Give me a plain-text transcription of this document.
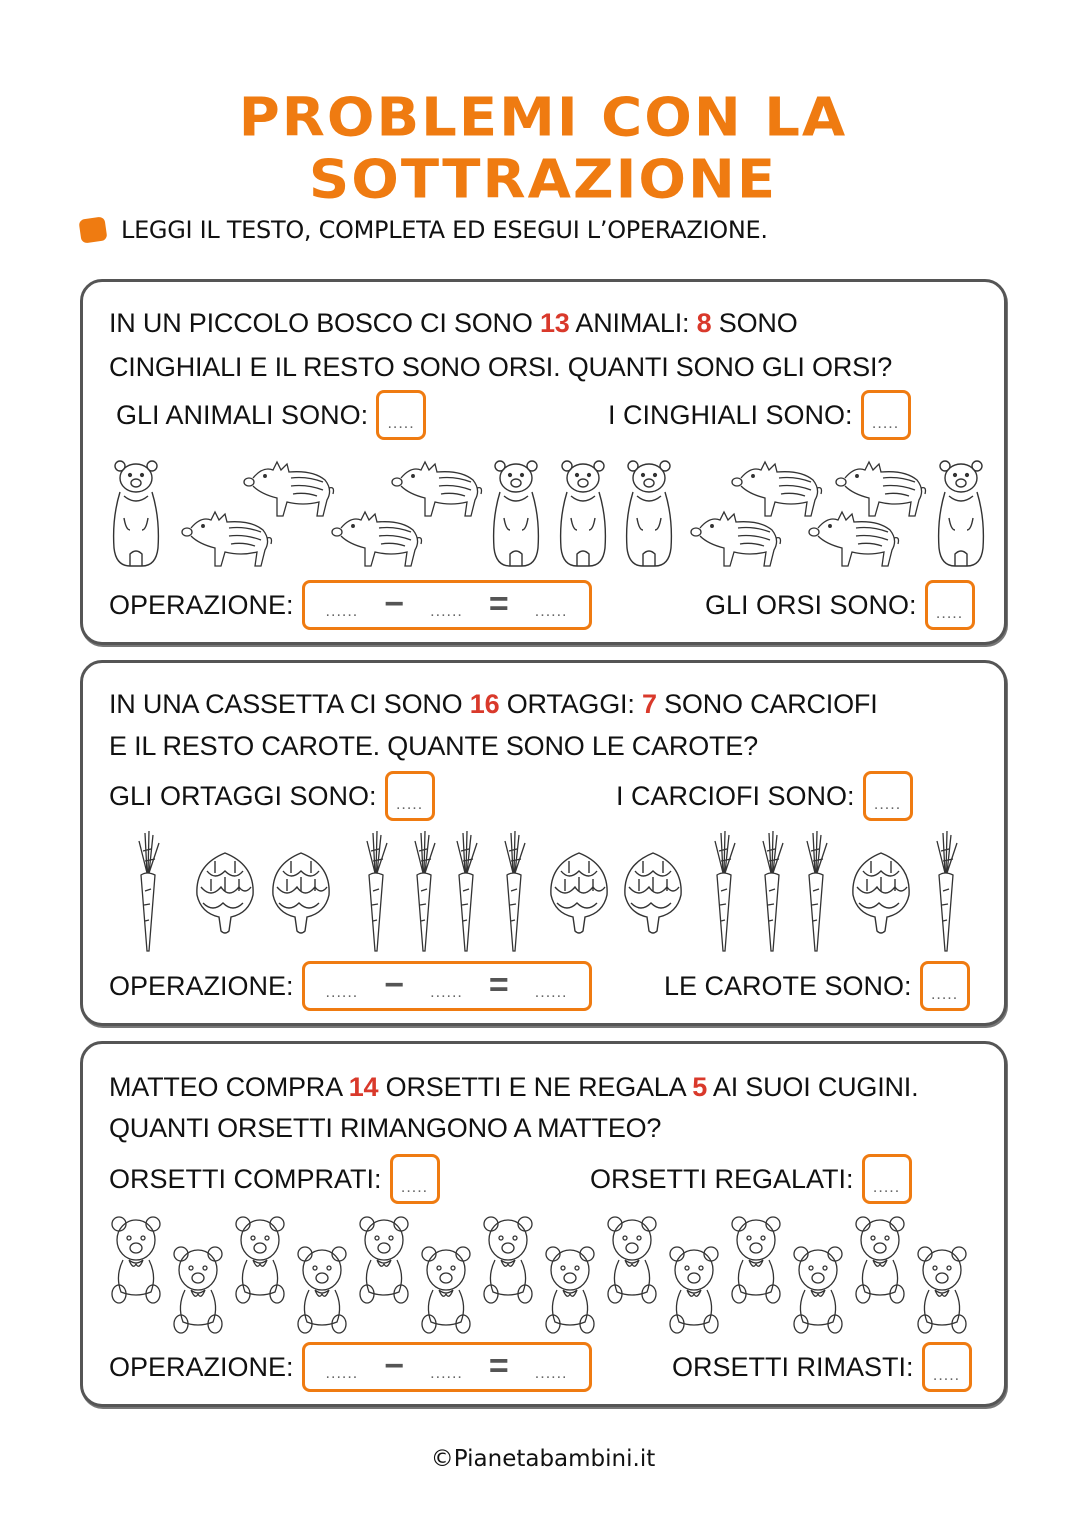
PROBLEMI CON LA SOTTRAZIONE
LEGGI IL TESTO, COMPLETA ED ESEGUI L’OPERAZIONE.
IN UN PICCOLO BOSCO CI SONO 13 ANIMALI: 8 SONO
CINGHIALI E IL RESTO SONO ORSI. QUANTI SONO GLI ORSI?
GLI ANIMALI SONO:	.....	I CINGHIALI SONO:	.....
OPERAZIONE: ...... − ...... = ......	GLI ORSI SONO:	.....
IN UNA CASSETTA CI SONO 16 ORTAGGI: 7 SONO CARCIOFI
E IL RESTO CAROTE. QUANTE SONO LE CAROTE?
GLI ORTAGGI SONO:	.....	I CARCIOFI SONO:	.....
OPERAZIONE: ...... − ...... = ......	LE CAROTE SONO:	.....
MATTEO COMPRA 14 ORSETTI E NE REGALA 5 AI SUOI CUGINI.
QUANTI ORSETTI RIMANGONO A MATTEO?
ORSETTI COMPRATI:	.....	ORSETTI REGALATI:	.....
OPERAZIONE: ...... − ...... = ......	ORSETTI RIMASTI:	.....
©Pianetabambini.it
